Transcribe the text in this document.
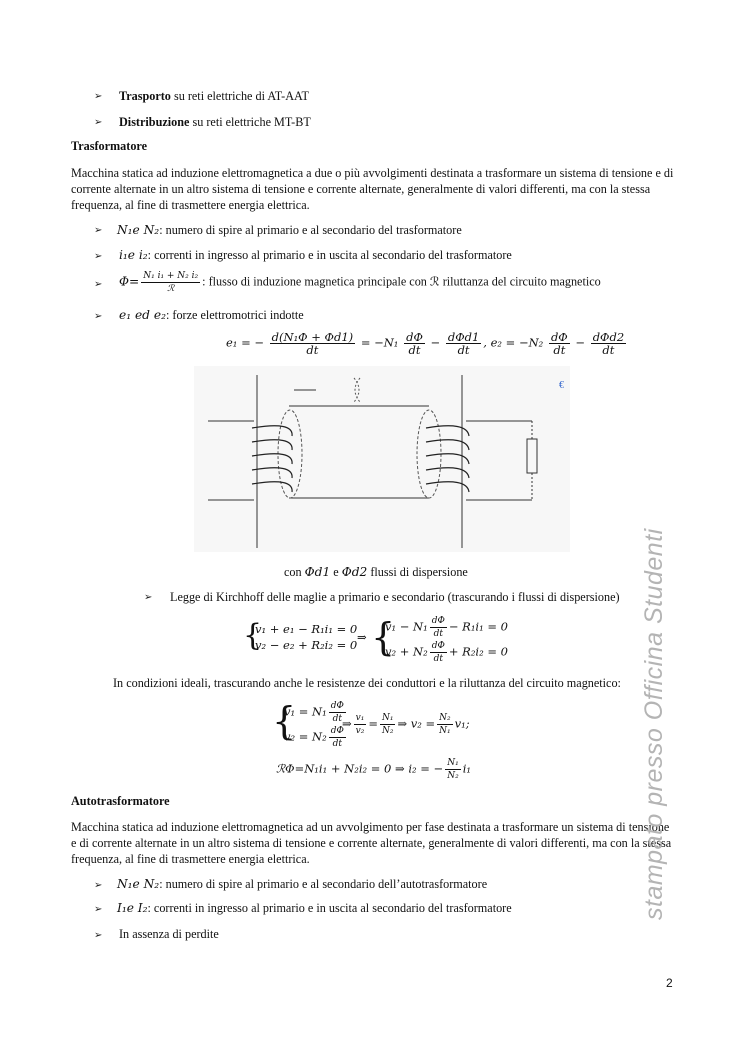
➢ Trasporto su reti elettriche di AT-AAT
➢ Distribuzione su reti elettriche MT-BT
Trasformatore
Macchina statica ad induzione elettromagnetica a due o più avvolgimenti destinata a trasformare un sistema di tensione e di corrente alternate in un altro sistema di tensione e corrente alternate, generalmente di valori differenti, ma con la stessa frequenza, al fine di trasmettere energia elettrica.
➢ N₁e N₂: numero di spire al primario e al secondario del trasformatore
➢ i₁e i₂: correnti in ingresso al primario e in uscita al secondario del trasformatore
➢ $\Phi= \frac{\text{N₁ i₁ + N₂ i₂}}{\text{ℛ}}$ : flusso di induzione magnetica principale con ℛ riluttanza del circuito magnetico
➢ e₁ ed e₂: forze elettromotrici indotte
e₁ = − $\frac{\text{d(N₁Φ + Φd1)}}{dt} = -N_1 \frac{d\Phi}{dt} - \frac{\text{dΦd1}}{dt}$ , $e_2 = -N_2 \frac{d\Phi}{dt} - \frac{\text{dΦd2}}{dt}$
€
con Φd1 e Φd2 flussi di dispersione
➢ Legge di Kirchhoff delle maglie a primario e secondario (trascurando i flussi di dispersione)
{
v₁ + e₁ − R₁i₁ = 0
v₂ − e₂ + R₂i₂ = 0
⇒ {
$v_1 - N_1 \frac{d\Phi}{dt} - R_1i_1 = 0$
$v_2 + N_2 \frac{d\Phi}{dt} + R_2i_2 = 0$
In condizioni ideali, trascurando anche le resistenze dei conduttori e la riluttanza del circuito magnetico:
{
$v_1 = N_1 \frac{d\Phi}{dt}$
$v_2 = N_2 \frac{d\Phi}{dt}$
⇒ $\frac{\text{v₁}}{\text{v₂}} = \frac{\text{N₁}}{\text{N₂}}$ ⇒ $v_2 = \frac{\text{N₂}}{\text{N₁}} v_1$;
ℛΦ=N₁i₁ + N₂i₂ = 0 ⇒ i₂ = − $\frac{\text{N₁}}{\text{N₂}} i_1$
Autotrasformatore
Macchina statica ad induzione elettromagnetica ad un avvolgimento per fase destinata a trasformare un sistema di tensione e di corrente alternate in un altro sistema di tensione e corrente alternate, generalmente di valori differenti, ma con la stessa frequenza, al fine di trasmettere energia elettrica.
➢ N₁e N₂: numero di spire al primario e al secondario dell’autotrasformatore
➢ I₁e I₂: correnti in ingresso al primario e in uscita al secondario del trasformatore
➢ In assenza di perdite
stampato presso Officina Studenti
2
